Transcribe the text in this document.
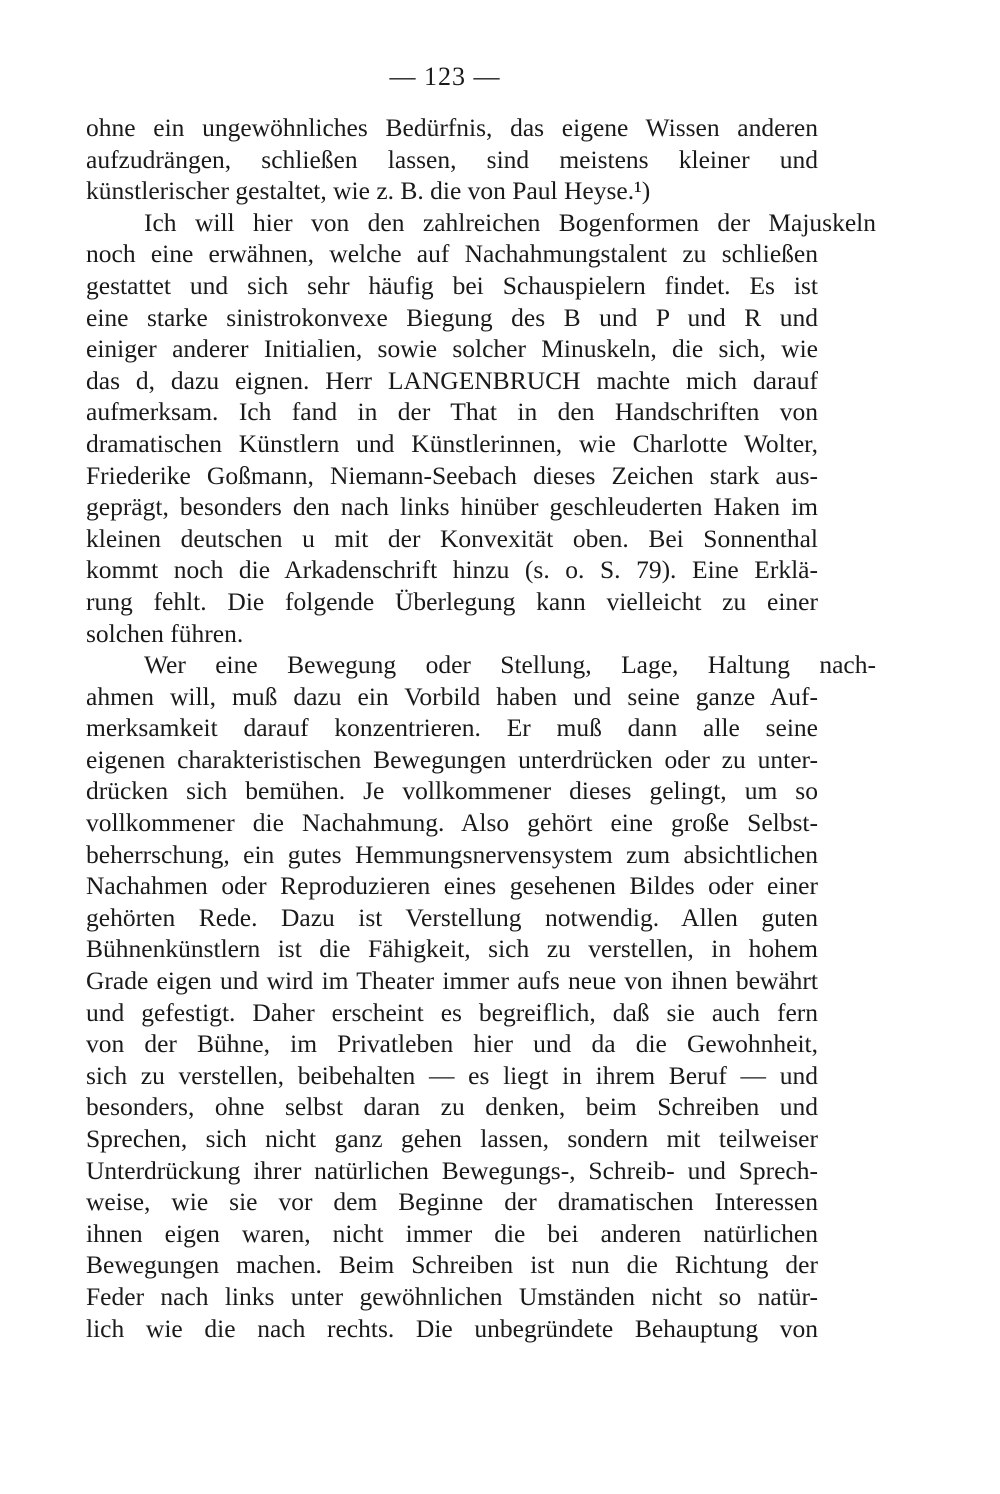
— 123 —
ohne ein ungewöhnliches Bedürfnis, das eigene Wissen anderen
aufzudrängen, schließen lassen, sind meistens kleiner und
künstlerischer gestaltet, wie z. B. die von Paul Heyse.¹)
Ich will hier von den zahlreichen Bogenformen der Majuskeln
noch eine erwähnen, welche auf Nachahmungstalent zu schließen
gestattet und sich sehr häufig bei Schauspielern findet. Es ist
eine starke sinistrokonvexe Biegung des B und P und R und
einiger anderer Initialien, sowie solcher Minuskeln, die sich, wie
das d, dazu eignen. Herr LANGENBRUCH machte mich darauf
aufmerksam. Ich fand in der That in den Handschriften von
dramatischen Künstlern und Künstlerinnen, wie Charlotte Wolter,
Friederike Goßmann, Niemann-Seebach dieses Zeichen stark aus-
geprägt, besonders den nach links hinüber geschleuderten Haken im
kleinen deutschen u mit der Konvexität oben. Bei Sonnenthal
kommt noch die Arkadenschrift hinzu (s. o. S. 79). Eine Erklä-
rung fehlt. Die folgende Überlegung kann vielleicht zu einer
solchen führen.
Wer eine Bewegung oder Stellung, Lage, Haltung nach-
ahmen will, muß dazu ein Vorbild haben und seine ganze Auf-
merksamkeit darauf konzentrieren. Er muß dann alle seine
eigenen charakteristischen Bewegungen unterdrücken oder zu unter-
drücken sich bemühen. Je vollkommener dieses gelingt, um so
vollkommener die Nachahmung. Also gehört eine große Selbst-
beherrschung, ein gutes Hemmungsnervensystem zum absichtlichen
Nachahmen oder Reproduzieren eines gesehenen Bildes oder einer
gehörten Rede. Dazu ist Verstellung notwendig. Allen guten
Bühnenkünstlern ist die Fähigkeit, sich zu verstellen, in hohem
Grade eigen und wird im Theater immer aufs neue von ihnen bewährt
und gefestigt. Daher erscheint es begreiflich, daß sie auch fern
von der Bühne, im Privatleben hier und da die Gewohnheit,
sich zu verstellen, beibehalten — es liegt in ihrem Beruf — und
besonders, ohne selbst daran zu denken, beim Schreiben und
Sprechen, sich nicht ganz gehen lassen, sondern mit teilweiser
Unterdrückung ihrer natürlichen Bewegungs-, Schreib- und Sprech-
weise, wie sie vor dem Beginne der dramatischen Interessen
ihnen eigen waren, nicht immer die bei anderen natürlichen
Bewegungen machen. Beim Schreiben ist nun die Richtung der
Feder nach links unter gewöhnlichen Umständen nicht so natür-
lich wie die nach rechts. Die unbegründete Behauptung von
